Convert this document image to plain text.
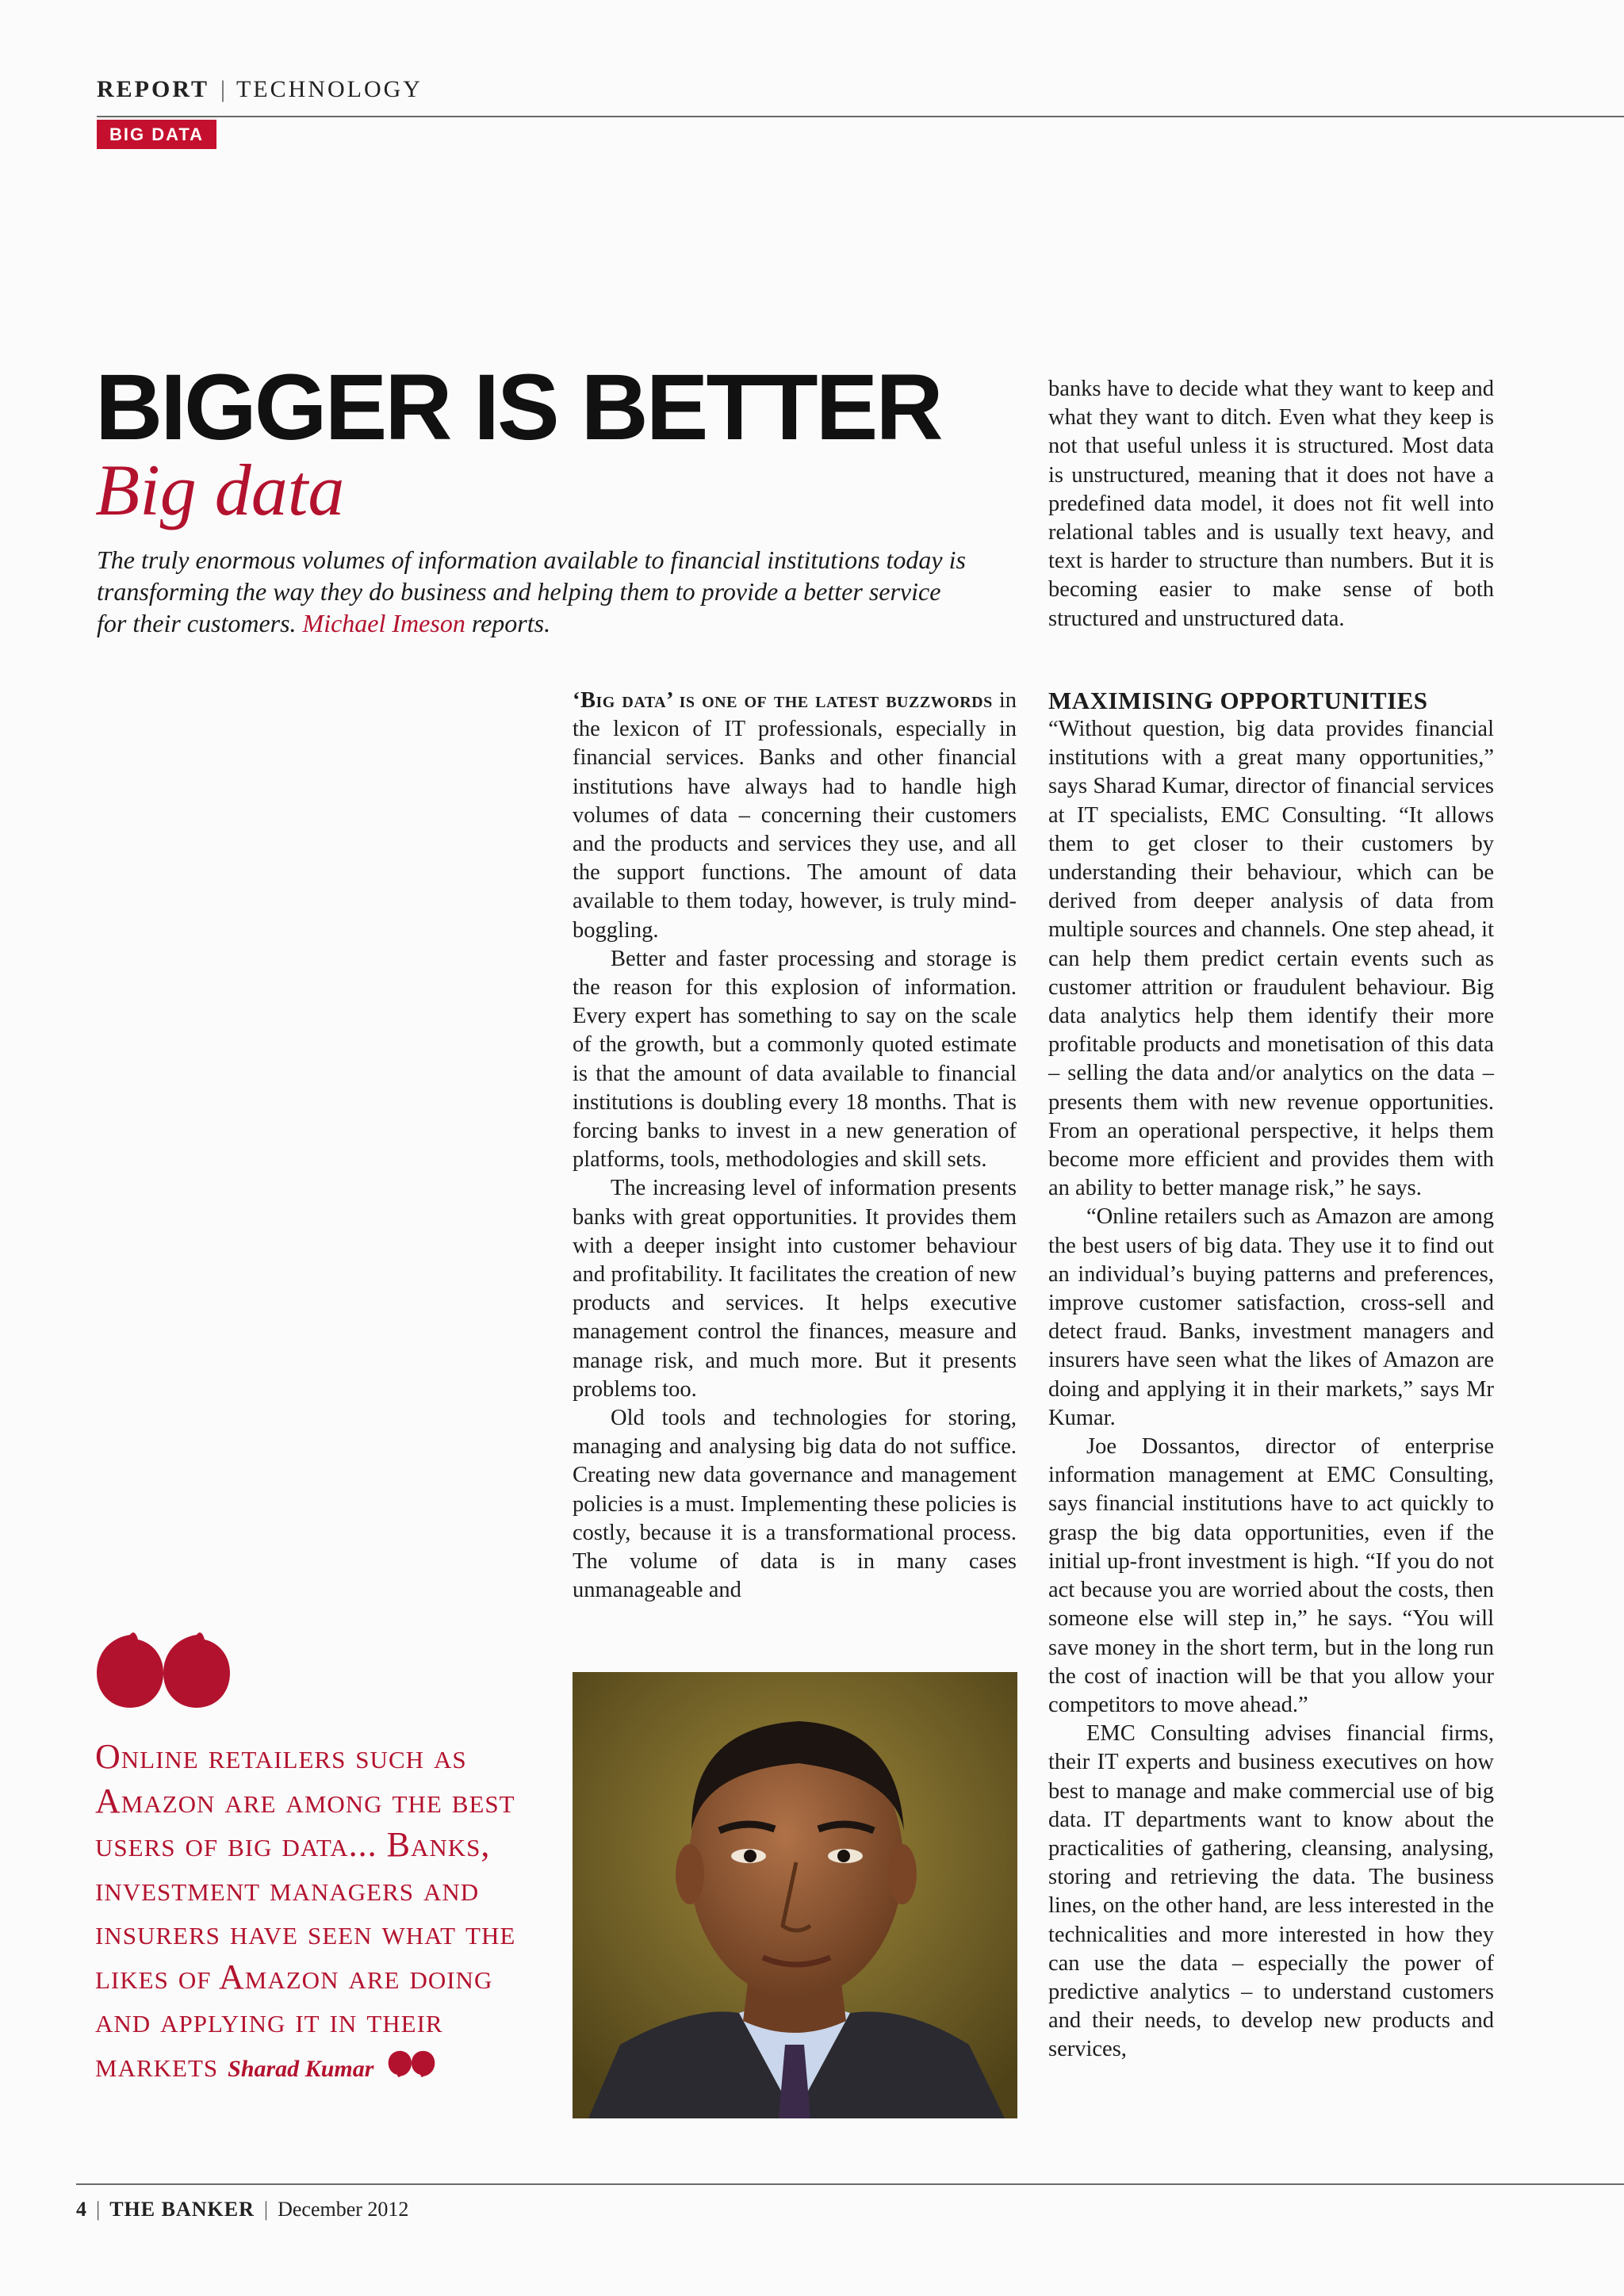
REPORT | TECHNOLOGY
BIG DATA
BIGGER IS BETTER
Big data
The truly enormous volumes of information available to financial institutions today is transforming the way they do business and helping them to provide a better service for their customers. Michael Imeson reports.

banks have to decide what they want to keep and what they want to ditch. Even what they keep is not that useful unless it is structured. Most data is unstructured, meaning that it does not have a predefined data model, it does not fit well into relational tables and is usually text heavy, and text is harder to structure than numbers. But it is becoming easier to make sense of both structured and unstructured data.

‘Big data’ is one of the latest buzzwords in the lexicon of IT professionals, especially in financial services. Banks and other financial institutions have always had to handle high volumes of data – concerning their customers and the products and services they use, and all the support functions. The amount of data available to them today, however, is truly mind-boggling.

Better and faster processing and storage is the reason for this explosion of information. Every expert has something to say on the scale of the growth, but a commonly quoted estimate is that the amount of data available to financial institutions is doubling every 18 months. That is forcing banks to invest in a new generation of platforms, tools, methodologies and skill sets.

The increasing level of information presents banks with great opportunities. It provides them with a deeper insight into customer behaviour and profitability. It facilitates the creation of new products and services. It helps executive management control the finances, measure and manage risk, and much more. But it presents problems too.

Old tools and technologies for storing, managing and analysing big data do not suffice. Creating new data governance and management policies is a must. Implementing these policies is costly, because it is a transformational process. The volume of data is in many cases unmanageable and

MAXIMISING OPPORTUNITIES

“Without question, big data provides financial institutions with a great many opportunities,” says Sharad Kumar, director of financial services at IT specialists, EMC Consulting. “It allows them to get closer to their customers by understanding their behaviour, which can be derived from deeper analysis of data from multiple sources and channels. One step ahead, it can help them predict certain events such as customer attrition or fraudulent behaviour. Big data analytics help them identify their more profitable products and monetisation of this data – selling the data and/or analytics on the data – presents them with new revenue opportunities. From an operational perspective, it helps them become more efficient and provides them with an ability to better manage risk,” he says.

“Online retailers such as Amazon are among the best users of big data. They use it to find out an individual’s buying patterns and preferences, improve customer satisfaction, cross-sell and detect fraud. Banks, investment managers and insurers have seen what the likes of Amazon are doing and applying it in their markets,” says Mr Kumar.

Joe Dossantos, director of enterprise information management at EMC Consulting, says financial institutions have to act quickly to grasp the big data opportunities, even if the initial up-front investment is high. “If you do not act because you are worried about the costs, then someone else will step in,” he says. “You will save money in the short term, but in the long run the cost of inaction will be that you allow your competitors to move ahead.”

EMC Consulting advises financial firms, their IT experts and business executives on how best to manage and make commercial use of big data. IT departments want to know about the practicalities of gathering, cleansing, analysing, storing and retrieving the data. The business lines, on the other hand, are less interested in the technicalities and more interested in how they can use the data – especially the power of predictive analytics – to understand customers and their needs, to develop new products and services,

Online retailers such as Amazon are among the best users of big data... Banks, investment managers and insurers have seen what the likes of Amazon are doing and applying it in their markets Sharad Kumar
4 | THE BANKER | December 2012
